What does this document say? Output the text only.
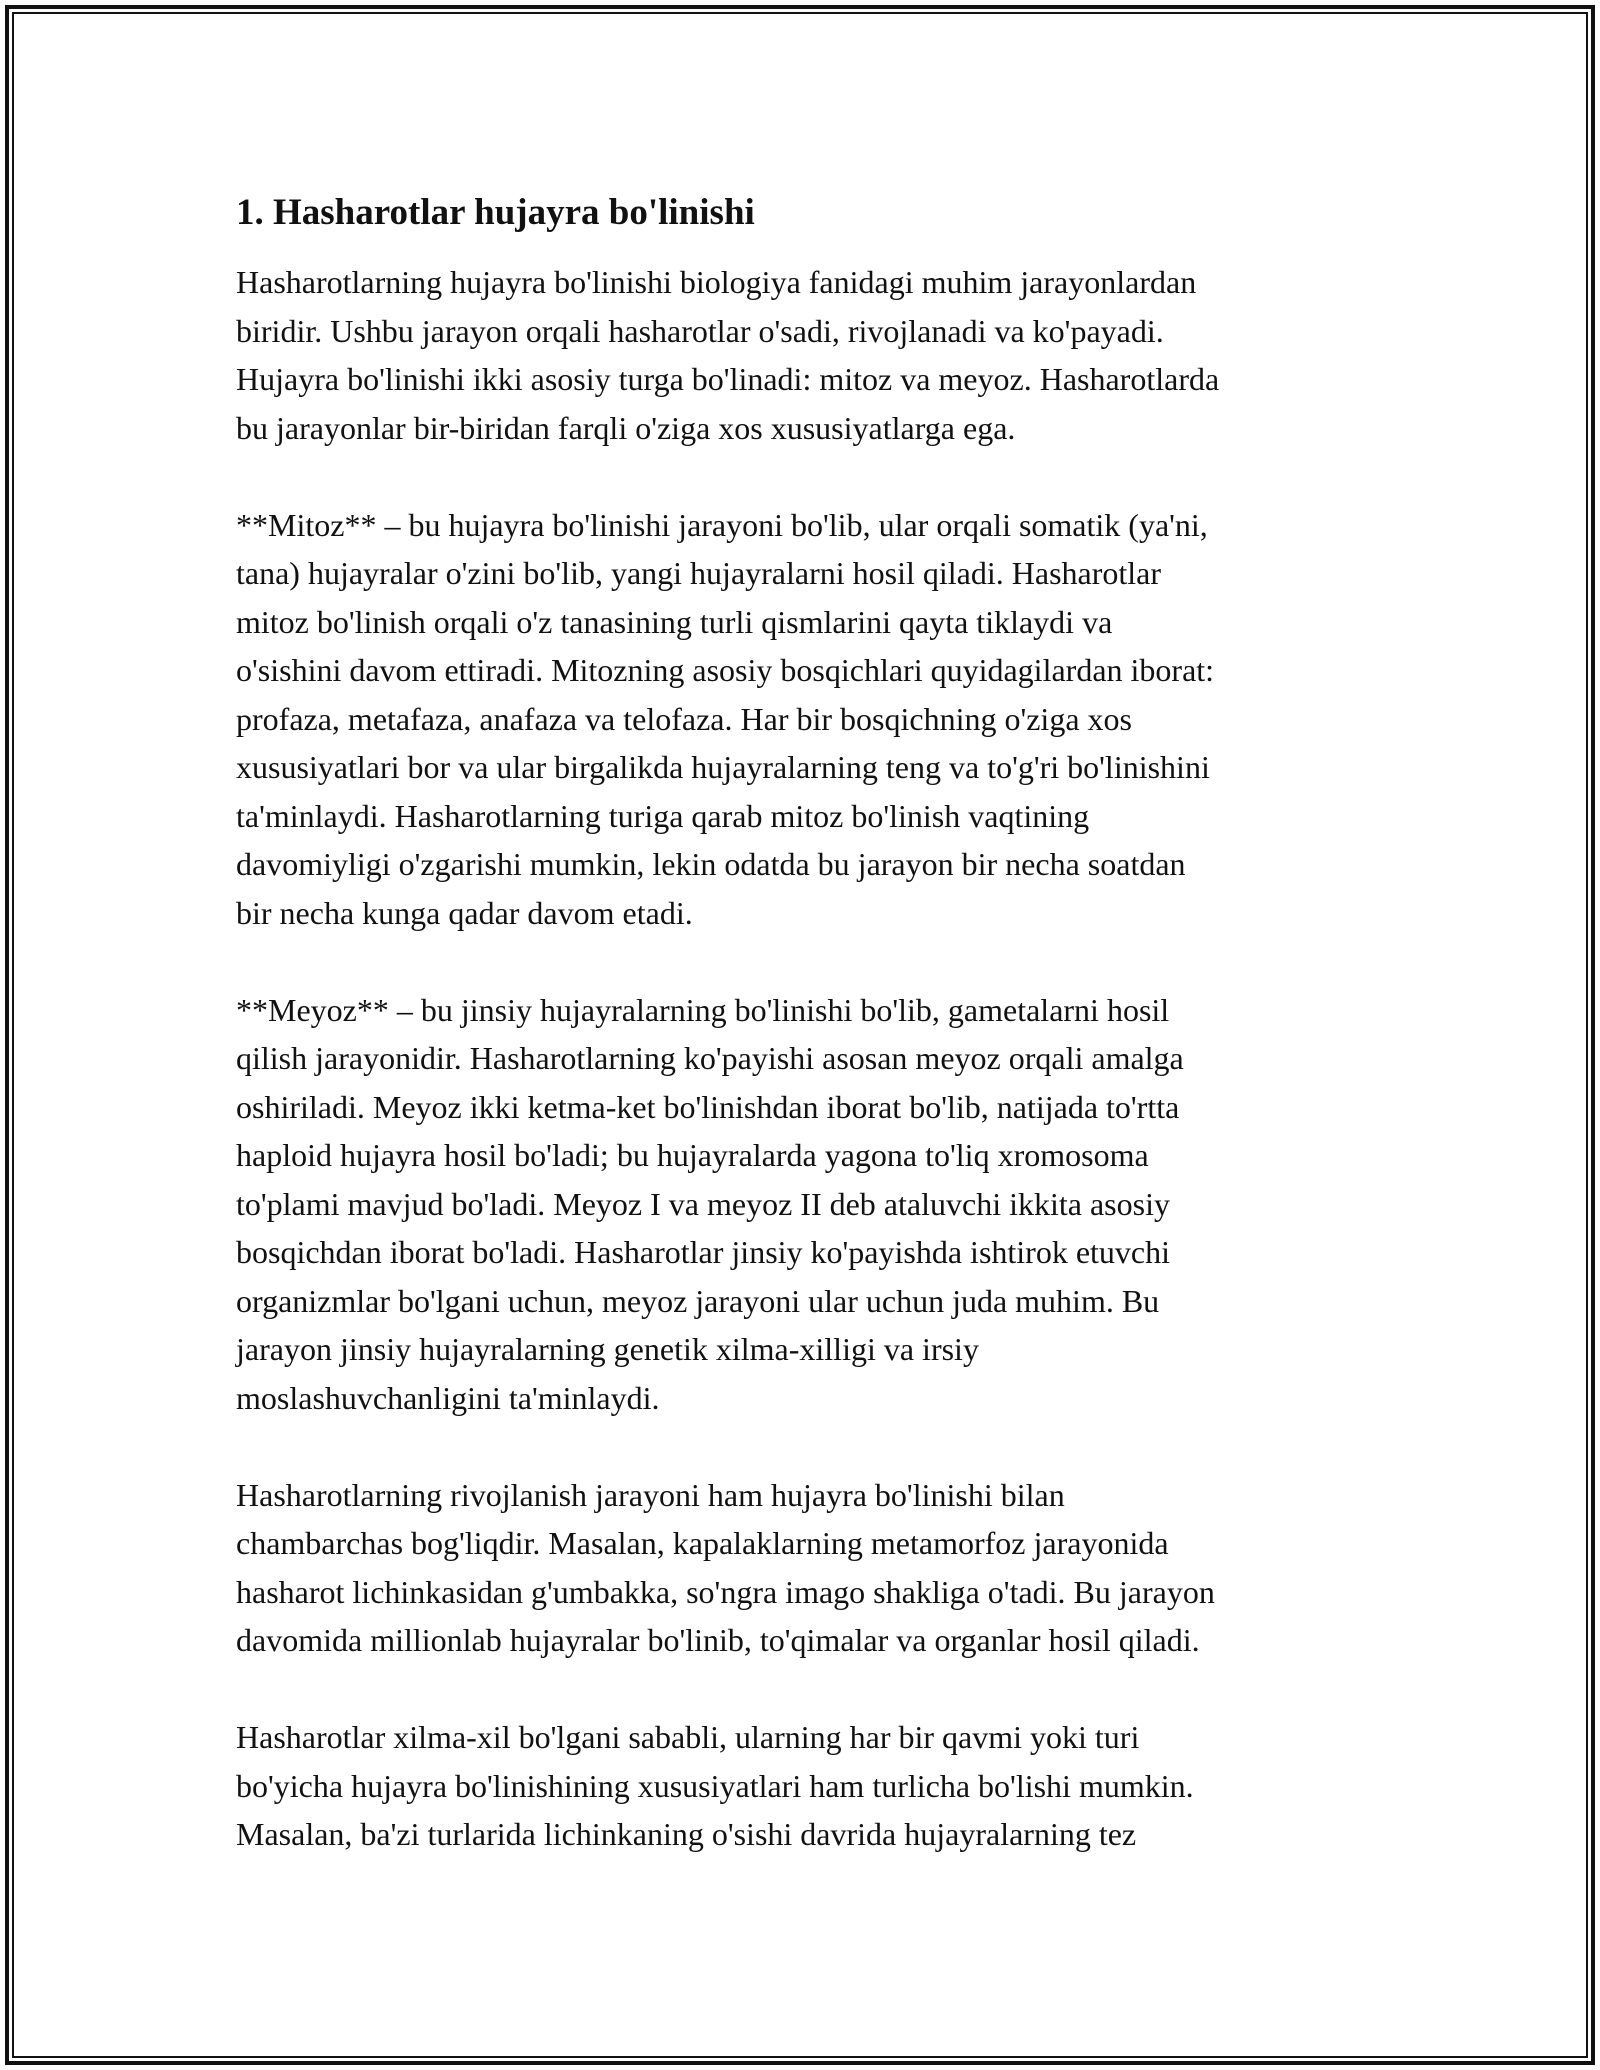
1. Hasharotlar hujayra bo'linishi

Hasharotlarning hujayra bo'linishi biologiya fanidagi muhim jarayonlardan
biridir. Ushbu jarayon orqali hasharotlar o'sadi, rivojlanadi va ko'payadi.
Hujayra bo'linishi ikki asosiy turga bo'linadi: mitoz va meyoz. Hasharotlarda
bu jarayonlar bir-biridan farqli o'ziga xos xususiyatlarga ega.

**Mitoz** – bu hujayra bo'linishi jarayoni bo'lib, ular orqali somatik (ya'ni,
tana) hujayralar o'zini bo'lib, yangi hujayralarni hosil qiladi. Hasharotlar
mitoz bo'linish orqali o'z tanasining turli qismlarini qayta tiklaydi va
o'sishini davom ettiradi. Mitozning asosiy bosqichlari quyidagilardan iborat:
profaza, metafaza, anafaza va telofaza. Har bir bosqichning o'ziga xos
xususiyatlari bor va ular birgalikda hujayralarning teng va to'g'ri bo'linishini
ta'minlaydi. Hasharotlarning turiga qarab mitoz bo'linish vaqtining
davomiyligi o'zgarishi mumkin, lekin odatda bu jarayon bir necha soatdan
bir necha kunga qadar davom etadi.

**Meyoz** – bu jinsiy hujayralarning bo'linishi bo'lib, gametalarni hosil
qilish jarayonidir. Hasharotlarning ko'payishi asosan meyoz orqali amalga
oshiriladi. Meyoz ikki ketma-ket bo'linishdan iborat bo'lib, natijada to'rtta
haploid hujayra hosil bo'ladi; bu hujayralarda yagona to'liq xromosoma
to'plami mavjud bo'ladi. Meyoz I va meyoz II deb ataluvchi ikkita asosiy
bosqichdan iborat bo'ladi. Hasharotlar jinsiy ko'payishda ishtirok etuvchi
organizmlar bo'lgani uchun, meyoz jarayoni ular uchun juda muhim. Bu
jarayon jinsiy hujayralarning genetik xilma-xilligi va irsiy
moslashuvchanligini ta'minlaydi.

Hasharotlarning rivojlanish jarayoni ham hujayra bo'linishi bilan
chambarchas bog'liqdir. Masalan, kapalaklarning metamorfoz jarayonida
hasharot lichinkasidan g'umbakka, so'ngra imago shakliga o'tadi. Bu jarayon
davomida millionlab hujayralar bo'linib, to'qimalar va organlar hosil qiladi.

Hasharotlar xilma-xil bo'lgani sababli, ularning har bir qavmi yoki turi
bo'yicha hujayra bo'linishining xususiyatlari ham turlicha bo'lishi mumkin.
Masalan, ba'zi turlarida lichinkaning o'sishi davrida hujayralarning tez
